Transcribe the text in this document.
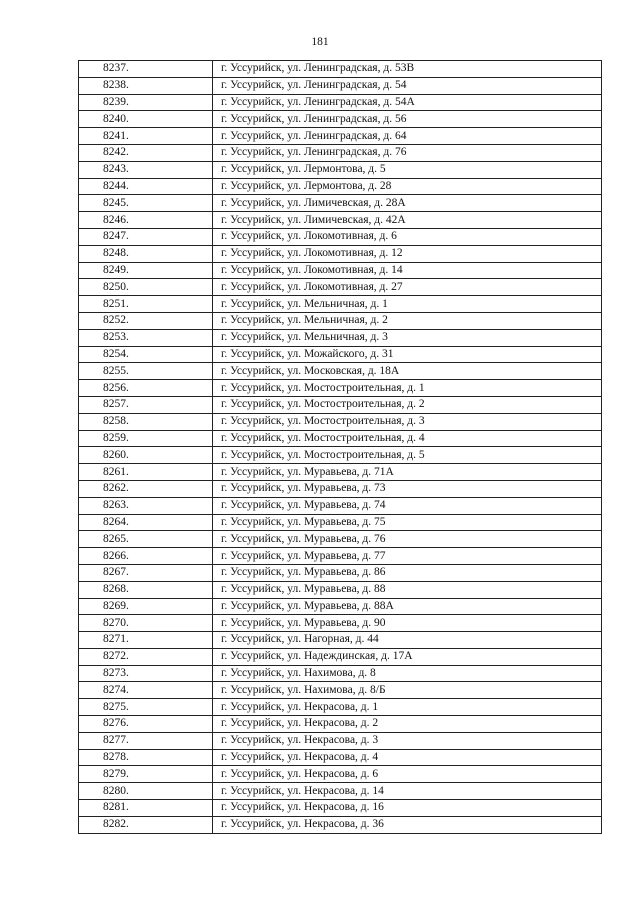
181
8237.	г. Уссурийск, ул. Ленинградская, д. 53В
8238.	г. Уссурийск, ул. Ленинградская, д. 54
8239.	г. Уссурийск, ул. Ленинградская, д. 54А
8240.	г. Уссурийск, ул. Ленинградская, д. 56
8241.	г. Уссурийск, ул. Ленинградская, д. 64
8242.	г. Уссурийск, ул. Ленинградская, д. 76
8243.	г. Уссурийск, ул. Лермонтова, д. 5
8244.	г. Уссурийск, ул. Лермонтова, д. 28
8245.	г. Уссурийск, ул. Лимичевская, д. 28А
8246.	г. Уссурийск, ул. Лимичевская, д. 42А
8247.	г. Уссурийск, ул. Локомотивная, д. 6
8248.	г. Уссурийск, ул. Локомотивная, д. 12
8249.	г. Уссурийск, ул. Локомотивная, д. 14
8250.	г. Уссурийск, ул. Локомотивная, д. 27
8251.	г. Уссурийск, ул. Мельничная, д. 1
8252.	г. Уссурийск, ул. Мельничная, д. 2
8253.	г. Уссурийск, ул. Мельничная, д. 3
8254.	г. Уссурийск, ул. Можайского, д. 31
8255.	г. Уссурийск, ул. Московская, д. 18А
8256.	г. Уссурийск, ул. Мостостроительная, д. 1
8257.	г. Уссурийск, ул. Мостостроительная, д. 2
8258.	г. Уссурийск, ул. Мостостроительная, д. 3
8259.	г. Уссурийск, ул. Мостостроительная, д. 4
8260.	г. Уссурийск, ул. Мостостроительная, д. 5
8261.	г. Уссурийск, ул. Муравьева, д. 71А
8262.	г. Уссурийск, ул. Муравьева, д. 73
8263.	г. Уссурийск, ул. Муравьева, д. 74
8264.	г. Уссурийск, ул. Муравьева, д. 75
8265.	г. Уссурийск, ул. Муравьева, д. 76
8266.	г. Уссурийск, ул. Муравьева, д. 77
8267.	г. Уссурийск, ул. Муравьева, д. 86
8268.	г. Уссурийск, ул. Муравьева, д. 88
8269.	г. Уссурийск, ул. Муравьева, д. 88А
8270.	г. Уссурийск, ул. Муравьева, д. 90
8271.	г. Уссурийск, ул. Нагорная, д. 44
8272.	г. Уссурийск, ул. Надеждинская, д. 17А
8273.	г. Уссурийск, ул. Нахимова, д. 8
8274.	г. Уссурийск, ул. Нахимова, д. 8/Б
8275.	г. Уссурийск, ул. Некрасова, д. 1
8276.	г. Уссурийск, ул. Некрасова, д. 2
8277.	г. Уссурийск, ул. Некрасова, д. 3
8278.	г. Уссурийск, ул. Некрасова, д. 4
8279.	г. Уссурийск, ул. Некрасова, д. 6
8280.	г. Уссурийск, ул. Некрасова, д. 14
8281.	г. Уссурийск, ул. Некрасова, д. 16
8282.	г. Уссурийск, ул. Некрасова, д. 36
